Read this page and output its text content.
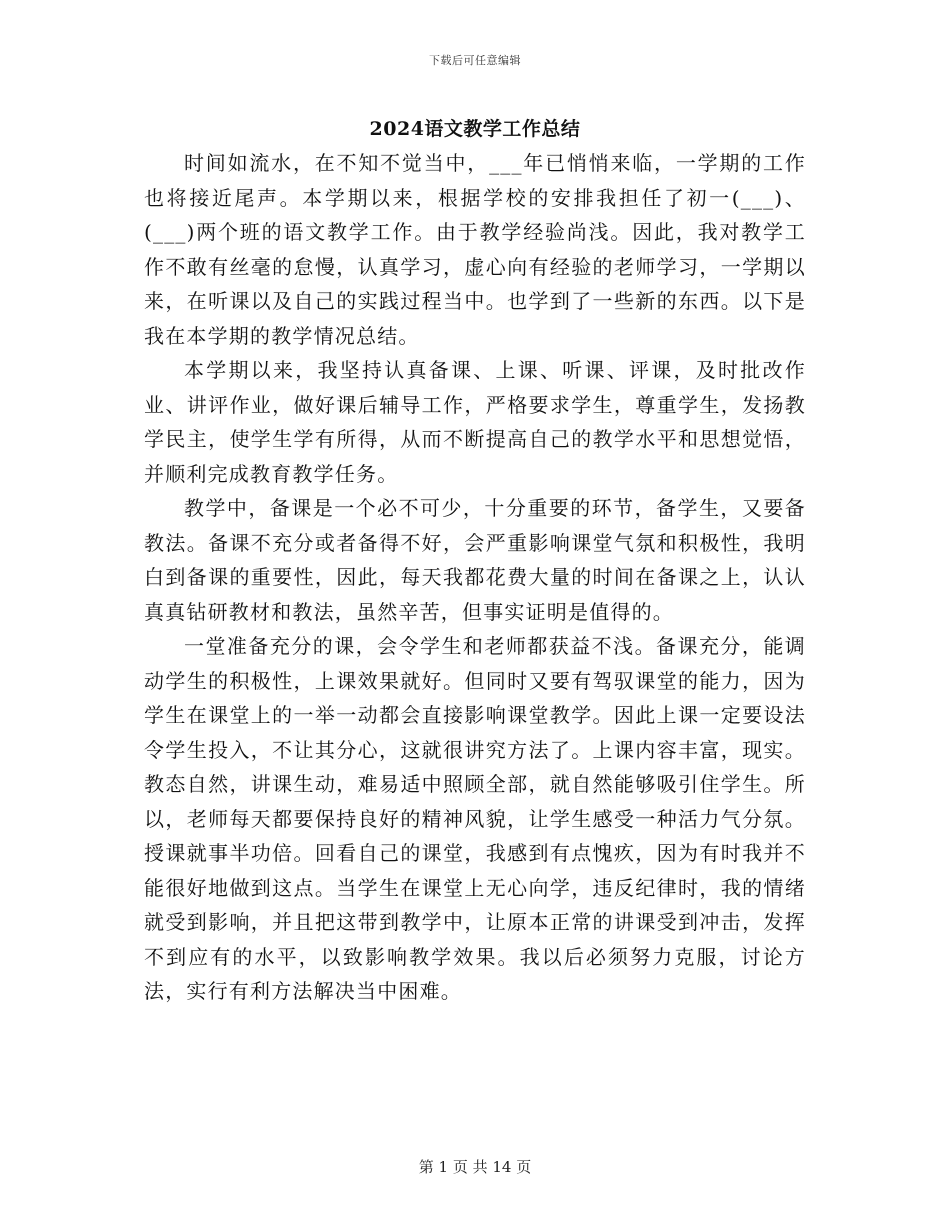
下载后可任意编辑
2024语文教学工作总结

时间如流水，在不知不觉当中，___年已悄悄来临，一学期的工作也将接近尾声。本学期以来，根据学校的安排我担任了初一(___)、(___)两个班的语文教学工作。由于教学经验尚浅。因此，我对教学工作不敢有丝毫的怠慢，认真学习，虚心向有经验的老师学习，一学期以来，在听课以及自己的实践过程当中。也学到了一些新的东西。以下是我在本学期的教学情况总结。

本学期以来，我坚持认真备课、上课、听课、评课，及时批改作业、讲评作业，做好课后辅导工作，严格要求学生，尊重学生，发扬教学民主，使学生学有所得，从而不断提高自己的教学水平和思想觉悟，并顺利完成教育教学任务。

教学中，备课是一个必不可少，十分重要的环节，备学生，又要备教法。备课不充分或者备得不好，会严重影响课堂气氛和积极性，我明白到备课的重要性，因此，每天我都花费大量的时间在备课之上，认认真真钻研教材和教法，虽然辛苦，但事实证明是值得的。

一堂准备充分的课，会令学生和老师都获益不浅。备课充分，能调动学生的积极性，上课效果就好。但同时又要有驾驭课堂的能力，因为学生在课堂上的一举一动都会直接影响课堂教学。因此上课一定要设法令学生投入，不让其分心，这就很讲究方法了。上课内容丰富，现实。教态自然，讲课生动，难易适中照顾全部，就自然能够吸引住学生。所以，老师每天都要保持良好的精神风貌，让学生感受一种活力气分氛。授课就事半功倍。回看自己的课堂，我感到有点愧疚，因为有时我并不能很好地做到这点。当学生在课堂上无心向学，违反纪律时，我的情绪就受到影响，并且把这带到教学中，让原本正常的讲课受到冲击，发挥不到应有的水平，以致影响教学效果。我以后必须努力克服，讨论方法，实行有利方法解决当中困难。

第 1 页 共 14 页
